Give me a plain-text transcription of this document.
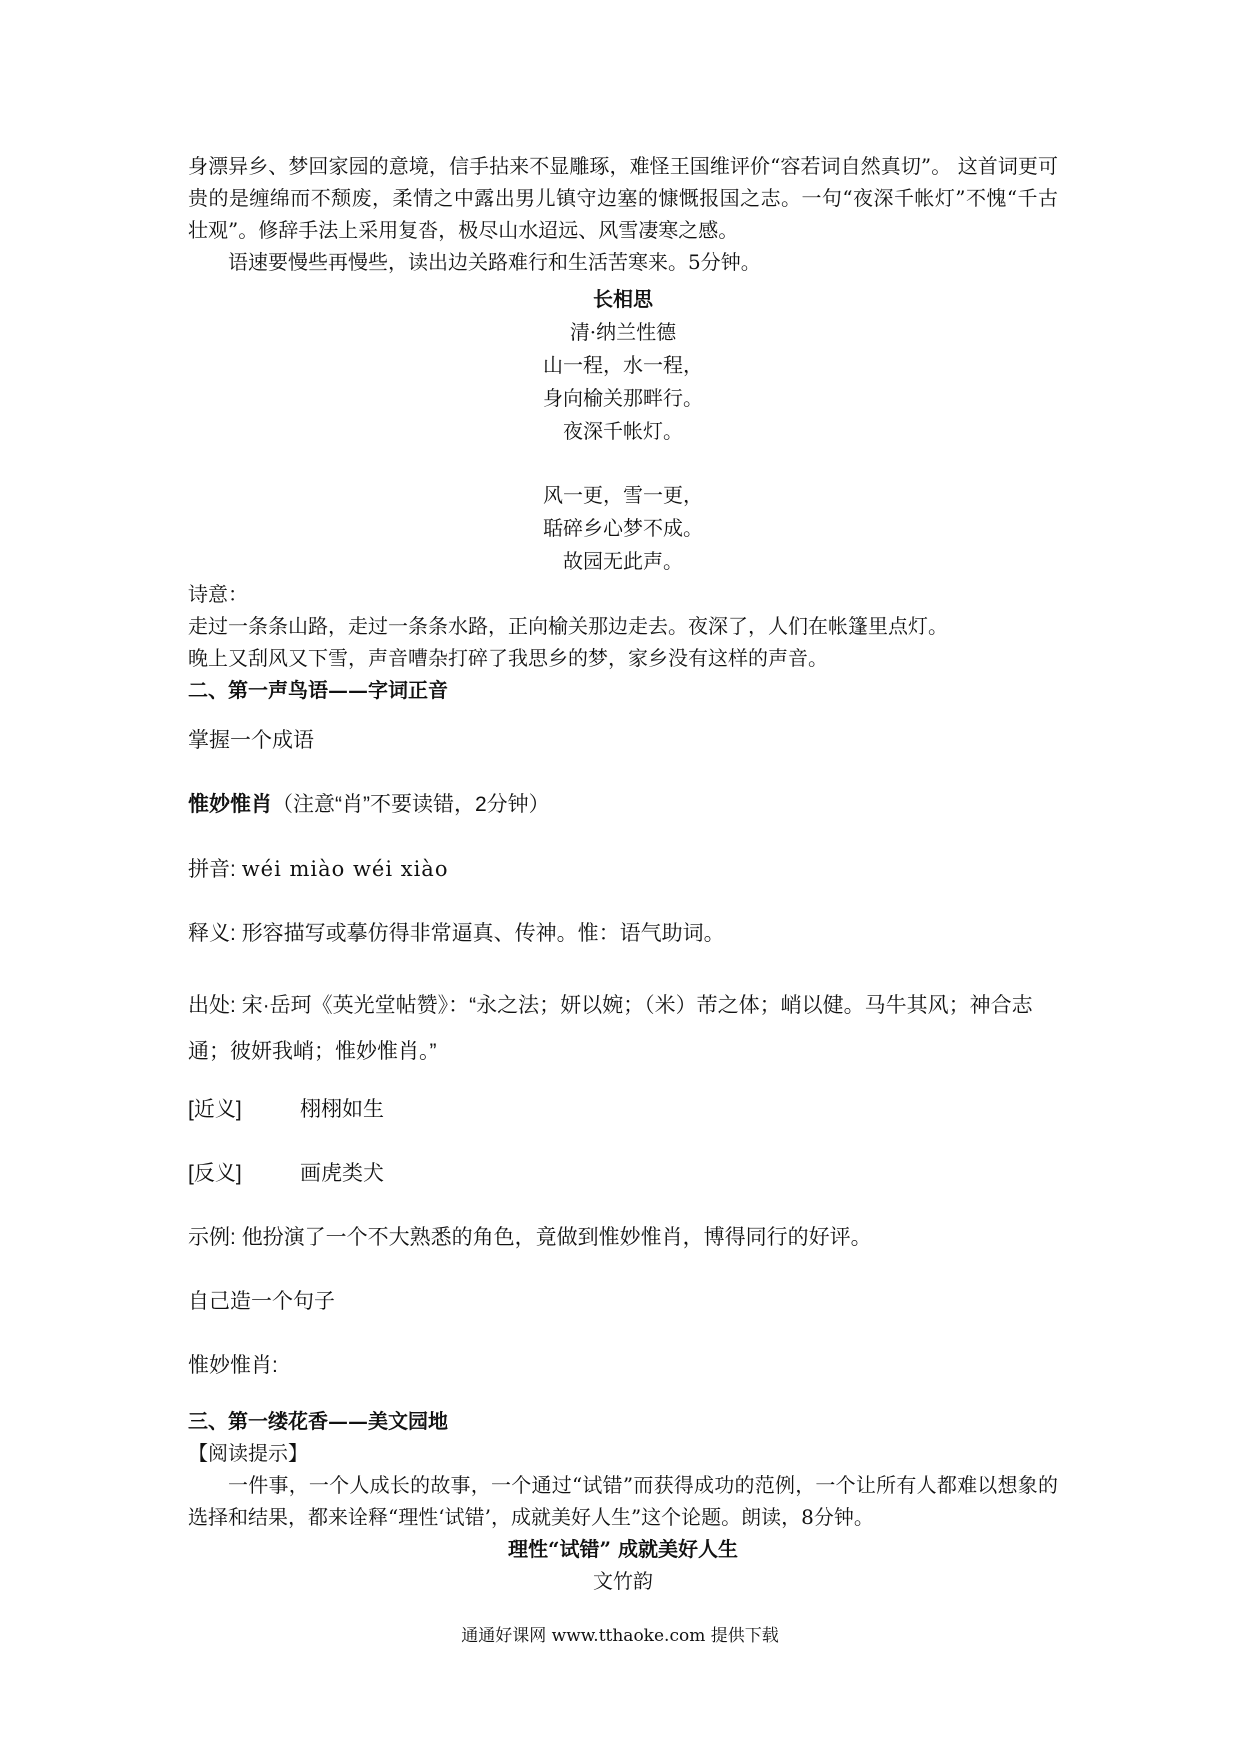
身漂异乡、梦回家园的意境，信手拈来不显雕琢，难怪王国维评价“容若词自然真切”。 这首词更可贵的是缠绵而不颓废，柔情之中露出男儿镇守边塞的慷慨报国之志。一句“夜深千帐灯”不愧“千古壮观”。修辞手法上采用复沓，极尽山水迢远、风雪凄寒之感。

语速要慢些再慢些，读出边关路难行和生活苦寒来。5分钟。

长相思

清·纳兰性德

山一程，水一程，

身向榆关那畔行。

夜深千帐灯。

风一更，雪一更，

聒碎乡心梦不成。

故园无此声。

诗意：

走过一条条山路，走过一条条水路，正向榆关那边走去。夜深了，人们在帐篷里点灯。

晚上又刮风又下雪，声音嘈杂打碎了我思乡的梦，家乡没有这样的声音。

二、第一声鸟语——字词正音

掌握一个成语

惟妙惟肖（注意“肖”不要读错，2分钟）

拼音: wéi miào wéi xiào

释义: 形容描写或摹仿得非常逼真、传神。惟：语气助词。

出处: 宋·岳珂《英光堂帖赞》：“永之法；妍以婉；（米）芾之体；峭以健。马牛其风；神合志通；彼妍我峭；惟妙惟肖。”

[近义]	栩栩如生

[反义]	画虎类犬

示例: 他扮演了一个不大熟悉的角色，竟做到惟妙惟肖，博得同行的好评。

自己造一个句子

惟妙惟肖:

三、第一缕花香——美文园地

【阅读提示】

一件事，一个人成长的故事，一个通过“试错”而获得成功的范例，一个让所有人都难以想象的选择和结果，都来诠释“理性‘试错’，成就美好人生”这个论题。朗读，8分钟。

理性“试错” 成就美好人生

文竹韵

通通好课网 www.tthaoke.com 提供下载
